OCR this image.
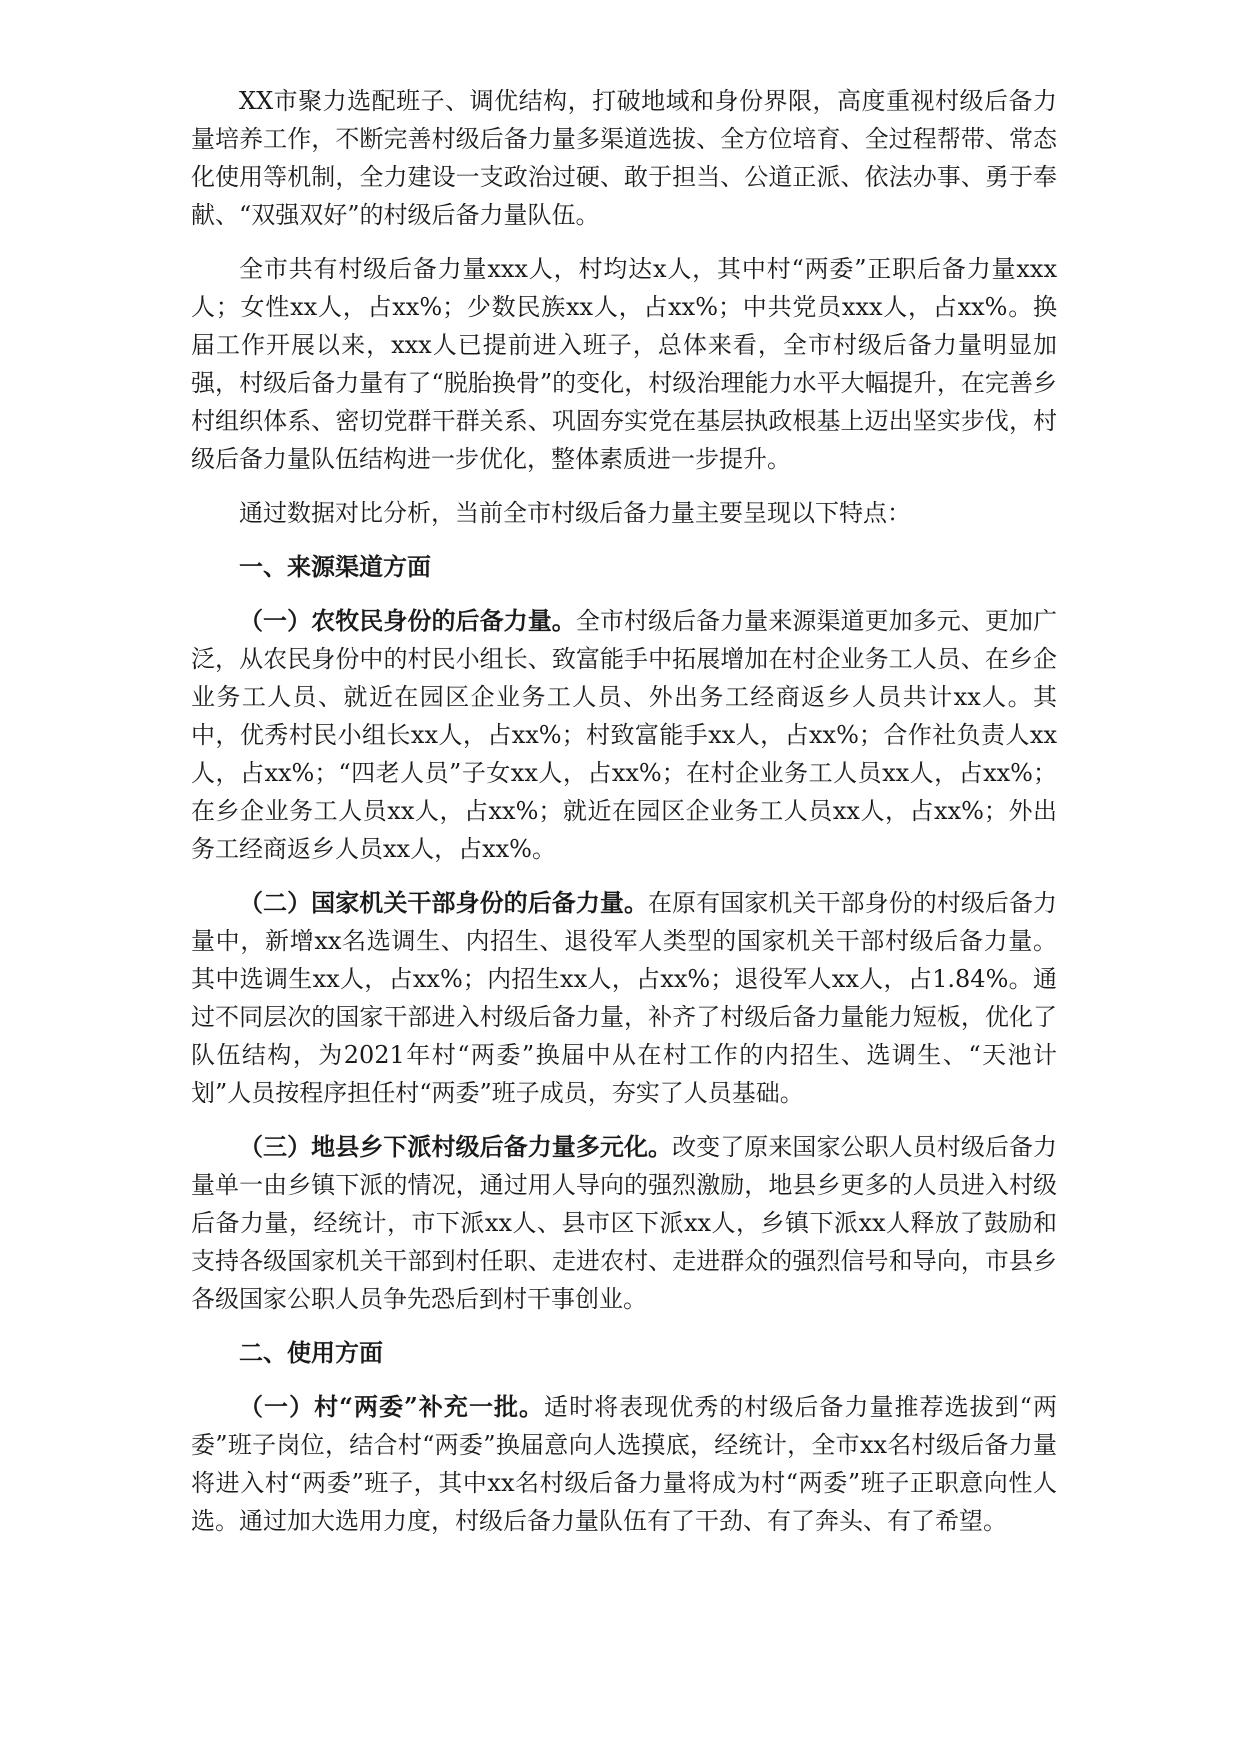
XX市聚力选配班子、调优结构，打破地域和身份界限，高度重视村级后备力量培养工作，不断完善村级后备力量多渠道选拔、全方位培育、全过程帮带、常态化使用等机制，全力建设一支政治过硬、敢于担当、公道正派、依法办事、勇于奉献、“双强双好”的村级后备力量队伍。

全市共有村级后备力量xxx人，村均达x人，其中村“两委”正职后备力量xxx人；女性xx人，占xx%；少数民族xx人，占xx%；中共党员xxx人，占xx%。换届工作开展以来，xxx人已提前进入班子，总体来看，全市村级后备力量明显加强，村级后备力量有了“脱胎换骨”的变化，村级治理能力水平大幅提升，在完善乡村组织体系、密切党群干群关系、巩固夯实党在基层执政根基上迈出坚实步伐，村级后备力量队伍结构进一步优化，整体素质进一步提升。

通过数据对比分析，当前全市村级后备力量主要呈现以下特点：

一、来源渠道方面

（一）农牧民身份的后备力量。全市村级后备力量来源渠道更加多元、更加广泛，从农民身份中的村民小组长、致富能手中拓展增加在村企业务工人员、在乡企业务工人员、就近在园区企业务工人员、外出务工经商返乡人员共计xx人。其中，优秀村民小组长xx人，占xx%；村致富能手xx人，占xx%；合作社负责人xx人，占xx%；“四老人员”子女xx人，占xx%；在村企业务工人员xx人，占xx%；在乡企业务工人员xx人，占xx%；就近在园区企业务工人员xx人，占xx%；外出务工经商返乡人员xx人，占xx%。

（二）国家机关干部身份的后备力量。在原有国家机关干部身份的村级后备力量中，新增xx名选调生、内招生、退役军人类型的国家机关干部村级后备力量。其中选调生xx人，占xx%；内招生xx人，占xx%；退役军人xx人，占1.84%。通过不同层次的国家干部进入村级后备力量，补齐了村级后备力量能力短板，优化了队伍结构，为2021年村“两委”换届中从在村工作的内招生、选调生、“天池计划”人员按程序担任村“两委”班子成员，夯实了人员基础。

（三）地县乡下派村级后备力量多元化。改变了原来国家公职人员村级后备力量单一由乡镇下派的情况，通过用人导向的强烈激励，地县乡更多的人员进入村级后备力量，经统计，市下派xx人、县市区下派xx人，乡镇下派xx人释放了鼓励和支持各级国家机关干部到村任职、走进农村、走进群众的强烈信号和导向，市县乡各级国家公职人员争先恐后到村干事创业。

二、使用方面

（一）村“两委”补充一批。适时将表现优秀的村级后备力量推荐选拔到“两委”班子岗位，结合村“两委”换届意向人选摸底，经统计，全市xx名村级后备力量将进入村“两委”班子，其中xx名村级后备力量将成为村“两委”班子正职意向性人选。通过加大选用力度，村级后备力量队伍有了干劲、有了奔头、有了希望。
